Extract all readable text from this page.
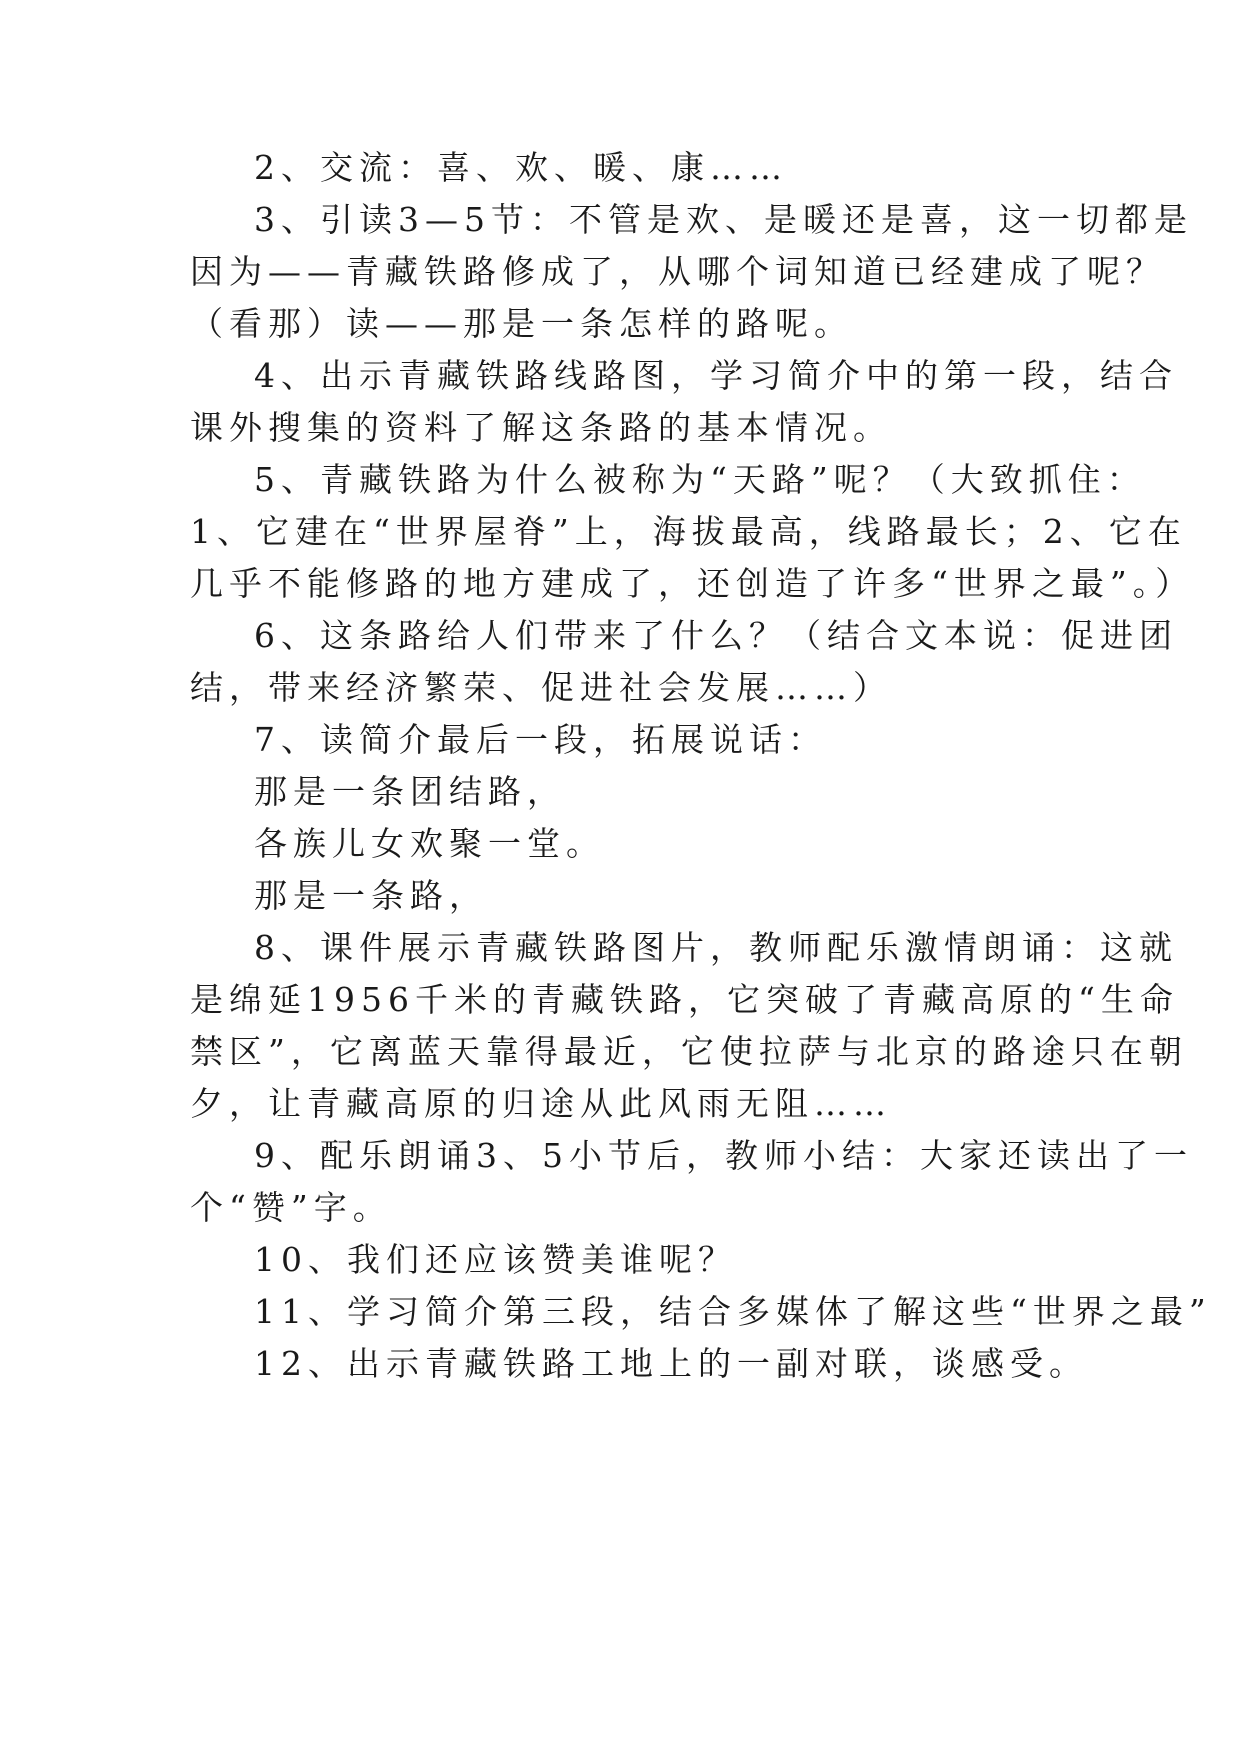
2、交流：喜、欢、暖、康……
3、引读3—5节：不管是欢、是暖还是喜，这一切都是
因为——青藏铁路修成了，从哪个词知道已经建成了呢？
（看那）读——那是一条怎样的路呢。
4、出示青藏铁路线路图，学习简介中的第一段，结合
课外搜集的资料了解这条路的基本情况。
5、青藏铁路为什么被称为“天路”呢？（大致抓住：
1、它建在“世界屋脊”上，海拔最高，线路最长；2、它在
几乎不能修路的地方建成了，还创造了许多“世界之最”。）
6、这条路给人们带来了什么？（结合文本说：促进团
结，带来经济繁荣、促进社会发展……）
7、读简介最后一段，拓展说话：
那是一条团结路，
各族儿女欢聚一堂。
那是一条路，
8、课件展示青藏铁路图片，教师配乐激情朗诵：这就
是绵延1956千米的青藏铁路，它突破了青藏高原的“生命
禁区”，它离蓝天靠得最近，它使拉萨与北京的路途只在朝
夕，让青藏高原的归途从此风雨无阻……
9、配乐朗诵3、5小节后，教师小结：大家还读出了一
个“赞”字。
10、我们还应该赞美谁呢？
11、学习简介第三段，结合多媒体了解这些“世界之最”
12、出示青藏铁路工地上的一副对联，谈感受。
